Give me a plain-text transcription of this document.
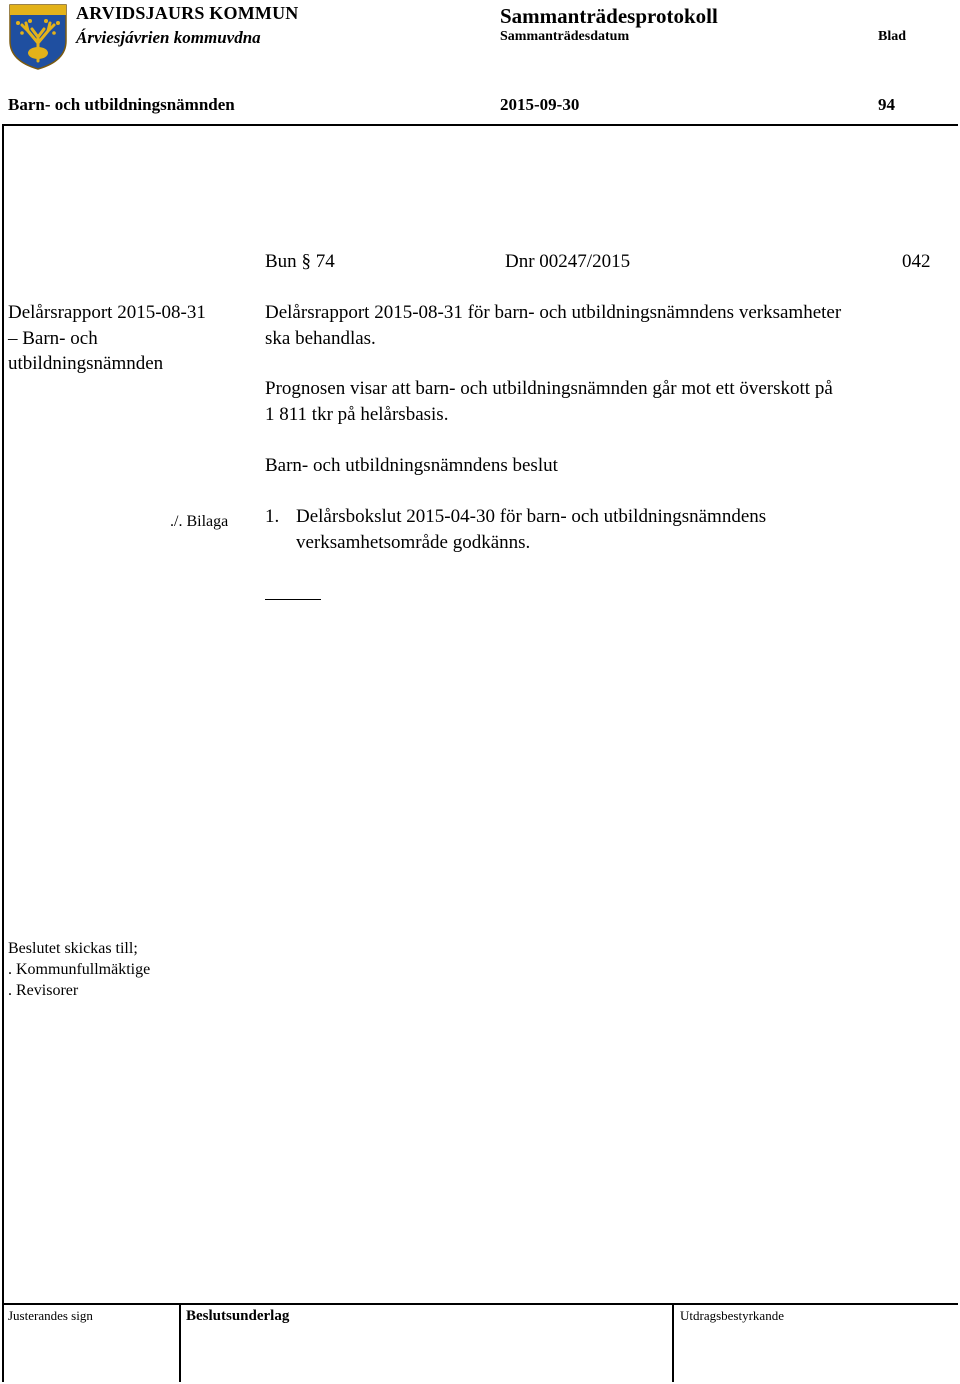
ARVIDSJAURS KOMMUN
Árviesjávrien kommuvdna
Sammanträdesprotokoll
Sammanträdesdatum	Blad
Barn- och utbildningsnämnden	2015-09-30	94
Bun § 74	Dnr 00247/2015	042
Delårsrapport 2015-08-31
– Barn- och
utbildningsnämnden
Delårsrapport 2015-08-31 för barn- och utbildningsnämndens verksamheter
ska behandlas.
Prognosen visar att barn- och utbildningsnämnden går mot ett överskott på
1 811 tkr på helårsbasis.
Barn- och utbildningsnämndens beslut
./. Bilaga 1. Delårsbokslut 2015-04-30 för barn- och utbildningsnämndens
verksamhetsområde godkänns.
Beslutet skickas till;
. Kommunfullmäktige
. Revisorer
Justerandes sign	Beslutsunderlag	Utdragsbestyrkande
